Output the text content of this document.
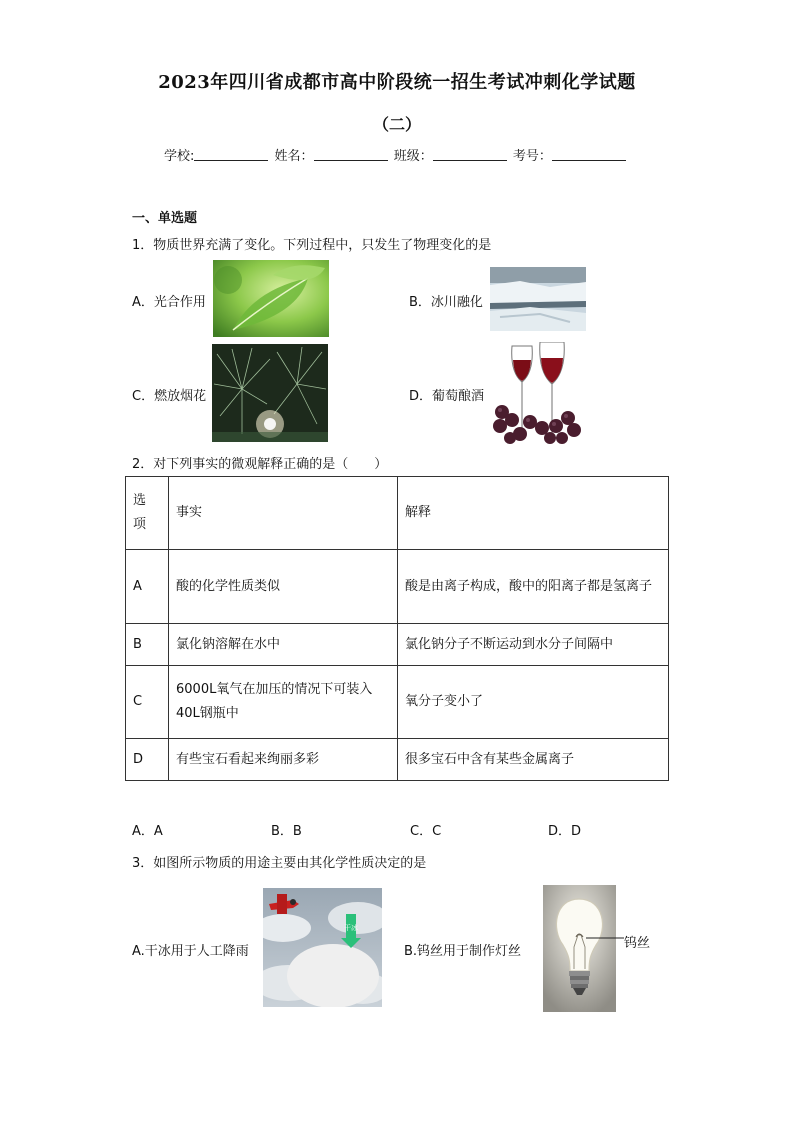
2023年四川省成都市高中阶段统一招生考试冲刺化学试题
（二）
学校:	姓名：	班级：	考号：
一、单选题
1．物质世界充满了变化。下列过程中，只发生了物理变化的是
A．光合作用	B．冰川融化
C．燃放烟花	D．葡萄酿酒
2．对下列事实的微观解释正确的是（　　）
选项	事实	解释
A	酸的化学性质类似	酸是由离子构成，酸中的阳离子都是氢离子
B	氯化钠溶解在水中	氯化钠分子不断运动到水分子间隔中
C	6000L氧气在加压的情况下可装入40L钢瓶中	氧分子变小了
D	有些宝石看起来绚丽多彩	很多宝石中含有某些金属离子
A．A	B．B	C．C	D．D
3．如图所示物质的用途主要由其化学性质决定的是
A.干冰用于人工降雨
干冰
B.钨丝用于制作灯丝
钨丝
